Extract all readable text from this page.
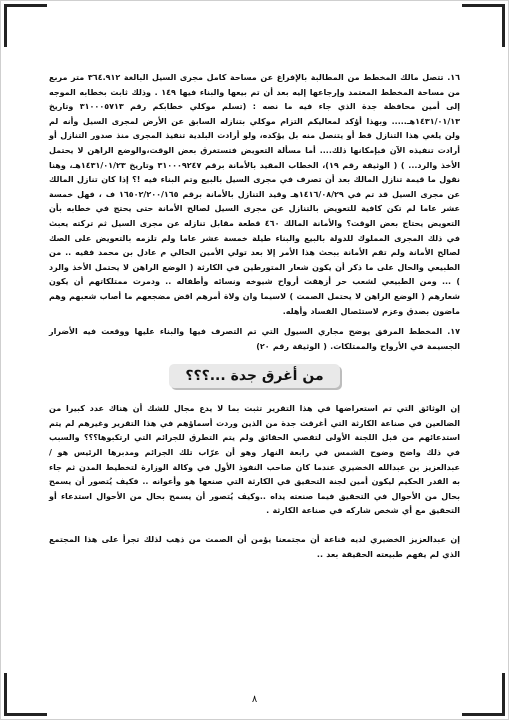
١٦. تتصل مالك المخطط من المطالبة بالإفراغ عن مساحة كامل مجرى السيل البالغة ٣٦٤.٩١٢ متر مربع من مساحة المخطط المعتمد وإرجاعها إليه بعد أن تم بيعها والبناء فيها ١٤٩ . وذلك ثابت بخطابه الموجه إلى أمين محافظة جدة الذي جاء فيه ما نصه : (تسلم موكلي خطابكم رقم ٣١٠٠٠٥٧١٣ وتاريخ ١٤٣١/٠١/١٣هـ..... وبهذا أؤكد لمعاليكم التزام موكلي بتنازله السابق عن الأرض لمجرى السيل وأنه لم ولن يلغي هذا التنازل قط أو يتنصل منه بل يؤكده، ولو أرادت البلدية تنفيذ المجرى منذ صدور التنازل أو أرادت تنفيذه الآن فبإمكانها ذلك.... أما مسألة التعويض فتستغرق بعض الوقت،والوضع الراهن لا يحتمل الأخذ والرد... ) ( الوثيقة رقم ١٩)، الخطاب المقيد بالأمانة برقم ٣١٠٠٠٩٢٤٧ وتاريخ ١٤٣١/٠١/٢٣هـ، وهنا نقول ما قيمة تنازل المالك بعد أن تصرف في مجرى السيل بالبيع وتم البناء فيه !؟ إذا كان تنازل المالك عن مجرى السيل قد تم في ١٤١٦/٠٨/٢٩هـ وقيد التنازل بالأمانة برقم ١٦٥٠٢/٢٠٠/١٦٥ ف ، فهل خمسة عشر عاما لم تكن كافية للتعويض بالتنازل عن مجرى السيل لصالح الأمانة حتى يحتج في خطابه بأن التعويض يحتاج بعض الوقت؟ والأمانة المالك ٤٦٠ قطعة مقابل تنازله عن مجرى السيل ثم تركته يعبث في ذلك المجرى المملوك للدولة بالبيع والبناء طيلة خمسة عشر عاما ولم تلزمه بالتعويض على الصك لصالح الأمانة ولم تقم الأمانة ببحث هذا الأمر إلا بعد تولي الأمين الحالي م عادل بن محمد فقيه .. من الطبيعي والحال على ما ذكر أن يكون شعار المتورطين في الكارثة ( الوضع الراهن لا يحتمل الأخذ والرد ) ... ومن الطبيعي لشعب حر أزهقت أرواح شيوخه ونسائه وأطفاله .. ودمرت ممتلكاتهم أن يكون شعارهم ( الوضع الراهن لا يحتمل الصمت ) لاسيما وان ولاة أمرهم اقض مضجعهم ما أصاب شعبهم وهم ماضون بصدق وعزم لاستئصال الفساد وأهله.

١٧. المخطط المرفق يوضح مجاري السيول التي تم التصرف فيها والبناء عليها ووقعت فيه الأضرار الجسيمة في الأرواح والممتلكات. ( الوثيقة رقم ٢٠)

من أغرق جدة ...؟؟؟

إن الوثائق التي تم استعراضها في هذا التقرير تثبت بما لا يدع مجال للشك أن هناك عدد كبيرا من الضالعين في صناعة الكارثة التي أغرقت جدة من الذين وردت أسماؤهم في هذا التقرير وغيرهم لم يتم استدعائهم من قبل اللجنة الأولى لتقصي الحقائق ولم يتم التطرق للجرائم التي ارتكبوها؟؟؟ والسبب في ذلك واضح وضوح الشمس في رابعة النهار وهو أن عرّاب تلك الجرائم ومدبرها الرئيس هو / عبدالعزيز بن عبدالله الخضيري عندما كان صاحب النفوذ الأول في وكالة الوزارة لتخطيط المدن ثم جاء به القدر الحكيم ليكون أمين لجنة التحقيق في الكارثة التي صنعها هو وأعوانه .. فكيف يُتصور أن يسمح بحال من الأحوال في التحقيق فيما صنعته يداه ..وكيف يُتصور أن يسمح بحال من الأحوال استدعاء أو التحقيق مع أي شخص شاركه في صناعة الكارثة .

إن عبدالعزيز الخضيري لديه قناعة أن مجتمعنا يؤمن أن الصمت من ذهب لذلك تجرأ على هذا المجتمع الذي لم يفهم طبيعته الحقيقة بعد ..

٨
